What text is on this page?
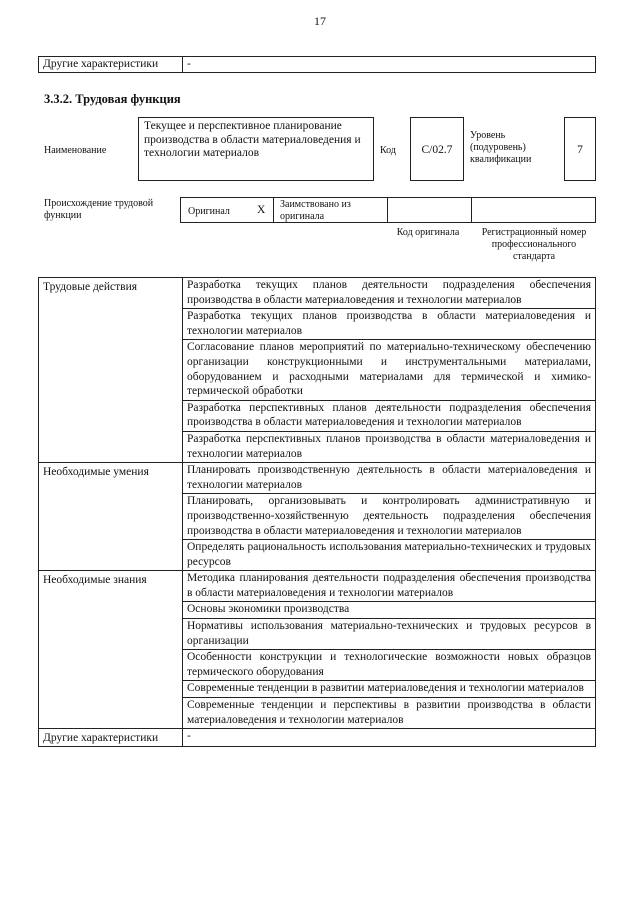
17
Другие характеристики	-
3.3.2. Трудовая функция
Наименование
Текущее и перспективное планирование производства в области материаловедения и технологии материалов	Код	C/02.7
Уровень (подуровень) квалификации
7
Происхождение трудовой функции	Оригинал X Заимствовано из оригинала
Код оригинала	Регистрационный номер профессионального стандарта
Трудовые действия	Разработка текущих планов деятельности подразделения обеспечения производства в области материаловедения и технологии материалов
	Разработка текущих планов производства в области материаловедения и технологии материалов
	Согласование планов мероприятий по материально-техническому обеспечению организации конструкционными и инструментальными материалами, оборудованием и расходными материалами для термической и химико-термической обработки
	Разработка перспективных планов деятельности подразделения обеспечения производства в области материаловедения и технологии материалов
	Разработка перспективных планов производства в области материаловедения и технологии материалов
Необходимые умения	Планировать производственную деятельность в области материаловедения и технологии материалов
	Планировать, организовывать и контролировать административную и производственно-хозяйственную деятельность подразделения обеспечения производства в области материаловедения и технологии материалов
	Определять рациональность использования материально-технических и трудовых ресурсов
Необходимые знания	Методика планирования деятельности подразделения обеспечения производства в области материаловедения и технологии материалов
	Основы экономики производства
	Нормативы использования материально-технических и трудовых ресурсов в организации
	Особенности конструкции и технологические возможности новых образцов термического оборудования
	Современные тенденции в развитии материаловедения и технологии материалов
	Современные тенденции и перспективы в развитии производства в области материаловедения и технологии материалов
Другие характеристики	-
